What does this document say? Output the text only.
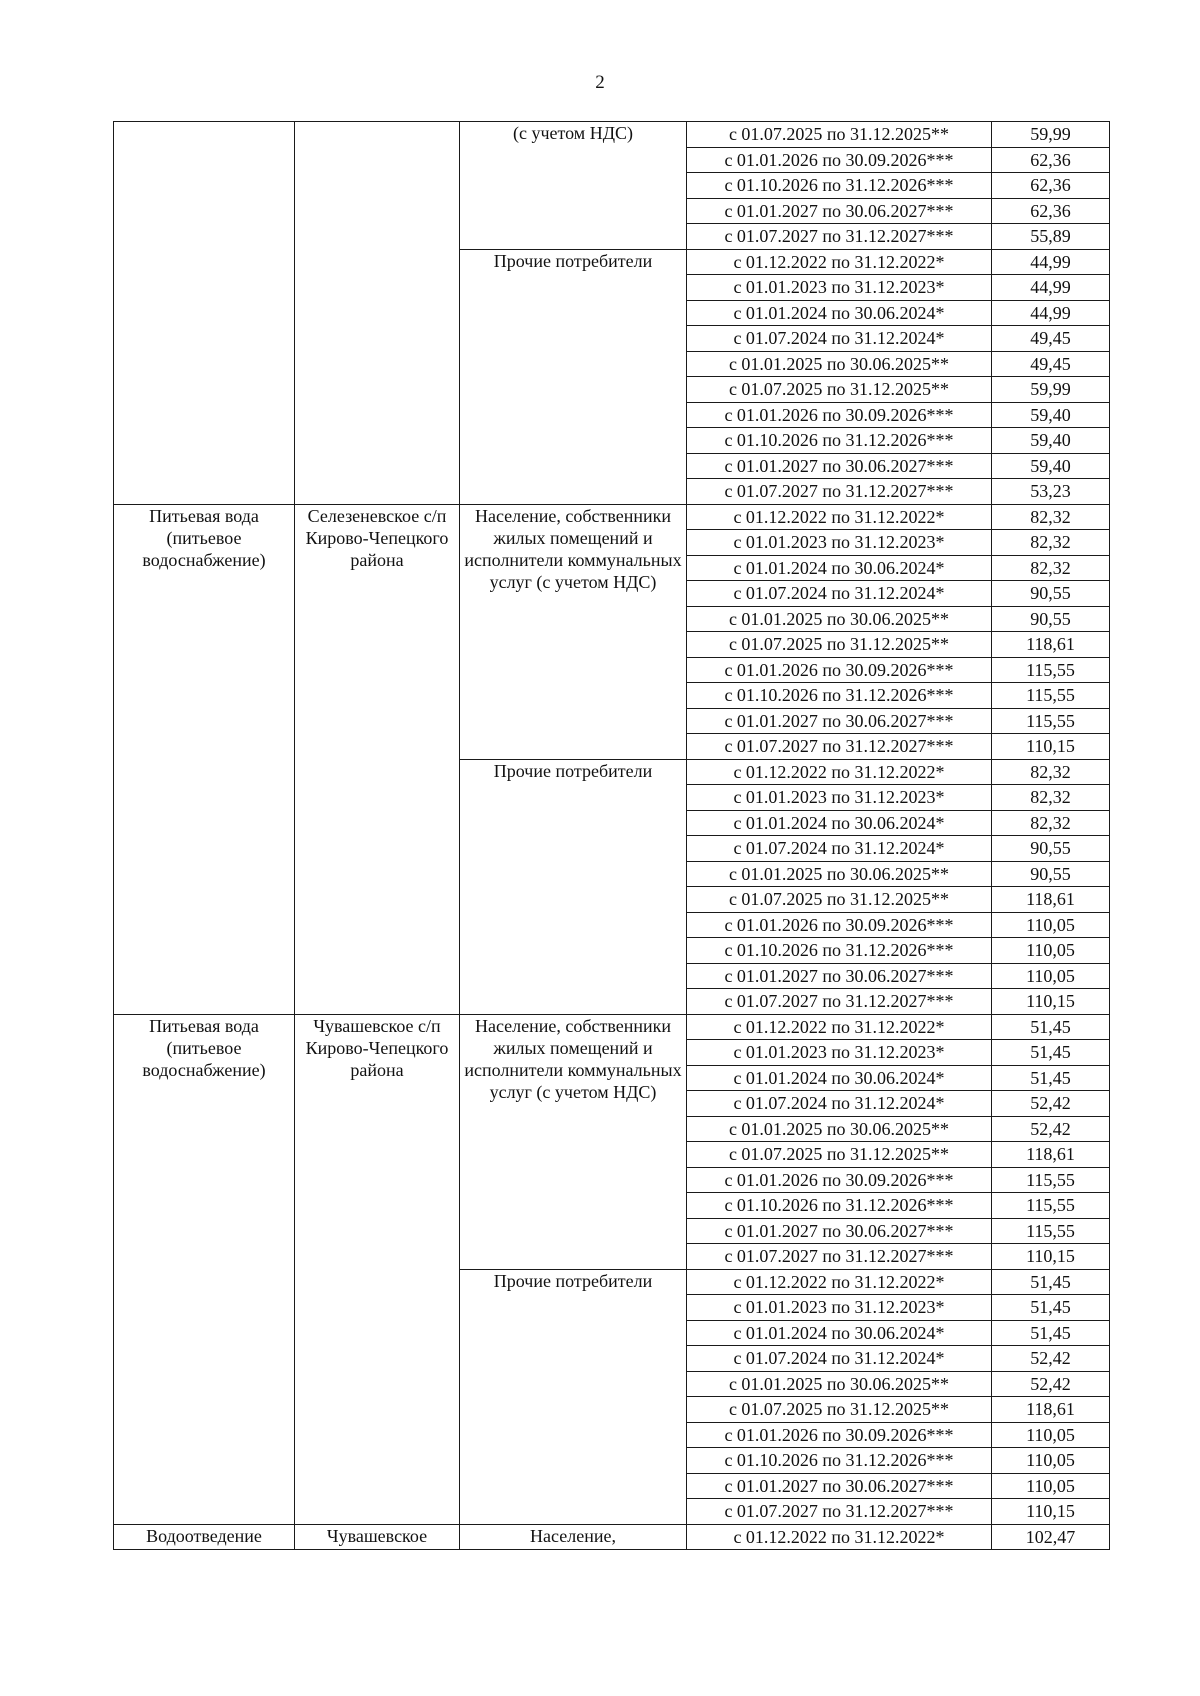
2
		(с учетом НДС)	с 01.07.2025 по 31.12.2025**	59,99
			с 01.01.2026 по 30.09.2026***	62,36
			с 01.10.2026 по 31.12.2026***	62,36
			с 01.01.2027 по 30.06.2027***	62,36
			с 01.07.2027 по 31.12.2027***	55,89
		Прочие потребители	с 01.12.2022 по 31.12.2022*	44,99
			с 01.01.2023 по 31.12.2023*	44,99
			с 01.01.2024 по 30.06.2024*	44,99
			с 01.07.2024 по 31.12.2024*	49,45
			с 01.01.2025 по 30.06.2025**	49,45
			с 01.07.2025 по 31.12.2025**	59,99
			с 01.01.2026 по 30.09.2026***	59,40
			с 01.10.2026 по 31.12.2026***	59,40
			с 01.01.2027 по 30.06.2027***	59,40
			с 01.07.2027 по 31.12.2027***	53,23
Питьевая вода (питьевое водоснабжение)	Селезеневское с/п Кирово-Чепецкого района	Население, собственники жилых помещений и исполнители коммунальных услуг (с учетом НДС)	с 01.12.2022 по 31.12.2022*	82,32
			с 01.01.2023 по 31.12.2023*	82,32
			с 01.01.2024 по 30.06.2024*	82,32
			с 01.07.2024 по 31.12.2024*	90,55
			с 01.01.2025 по 30.06.2025**	90,55
			с 01.07.2025 по 31.12.2025**	118,61
			с 01.01.2026 по 30.09.2026***	115,55
			с 01.10.2026 по 31.12.2026***	115,55
			с 01.01.2027 по 30.06.2027***	115,55
			с 01.07.2027 по 31.12.2027***	110,15
		Прочие потребители	с 01.12.2022 по 31.12.2022*	82,32
			с 01.01.2023 по 31.12.2023*	82,32
			с 01.01.2024 по 30.06.2024*	82,32
			с 01.07.2024 по 31.12.2024*	90,55
			с 01.01.2025 по 30.06.2025**	90,55
			с 01.07.2025 по 31.12.2025**	118,61
			с 01.01.2026 по 30.09.2026***	110,05
			с 01.10.2026 по 31.12.2026***	110,05
			с 01.01.2027 по 30.06.2027***	110,05
			с 01.07.2027 по 31.12.2027***	110,15
Питьевая вода (питьевое водоснабжение)	Чувашевское с/п Кирово-Чепецкого района	Население, собственники жилых помещений и исполнители коммунальных услуг (с учетом НДС)	с 01.12.2022 по 31.12.2022*	51,45
			с 01.01.2023 по 31.12.2023*	51,45
			с 01.01.2024 по 30.06.2024*	51,45
			с 01.07.2024 по 31.12.2024*	52,42
			с 01.01.2025 по 30.06.2025**	52,42
			с 01.07.2025 по 31.12.2025**	118,61
			с 01.01.2026 по 30.09.2026***	115,55
			с 01.10.2026 по 31.12.2026***	115,55
			с 01.01.2027 по 30.06.2027***	115,55
			с 01.07.2027 по 31.12.2027***	110,15
		Прочие потребители	с 01.12.2022 по 31.12.2022*	51,45
			с 01.01.2023 по 31.12.2023*	51,45
			с 01.01.2024 по 30.06.2024*	51,45
			с 01.07.2024 по 31.12.2024*	52,42
			с 01.01.2025 по 30.06.2025**	52,42
			с 01.07.2025 по 31.12.2025**	118,61
			с 01.01.2026 по 30.09.2026***	110,05
			с 01.10.2026 по 31.12.2026***	110,05
			с 01.01.2027 по 30.06.2027***	110,05
			с 01.07.2027 по 31.12.2027***	110,15
Водоотведение	Чувашевское	Население,	с 01.12.2022 по 31.12.2022*	102,47
